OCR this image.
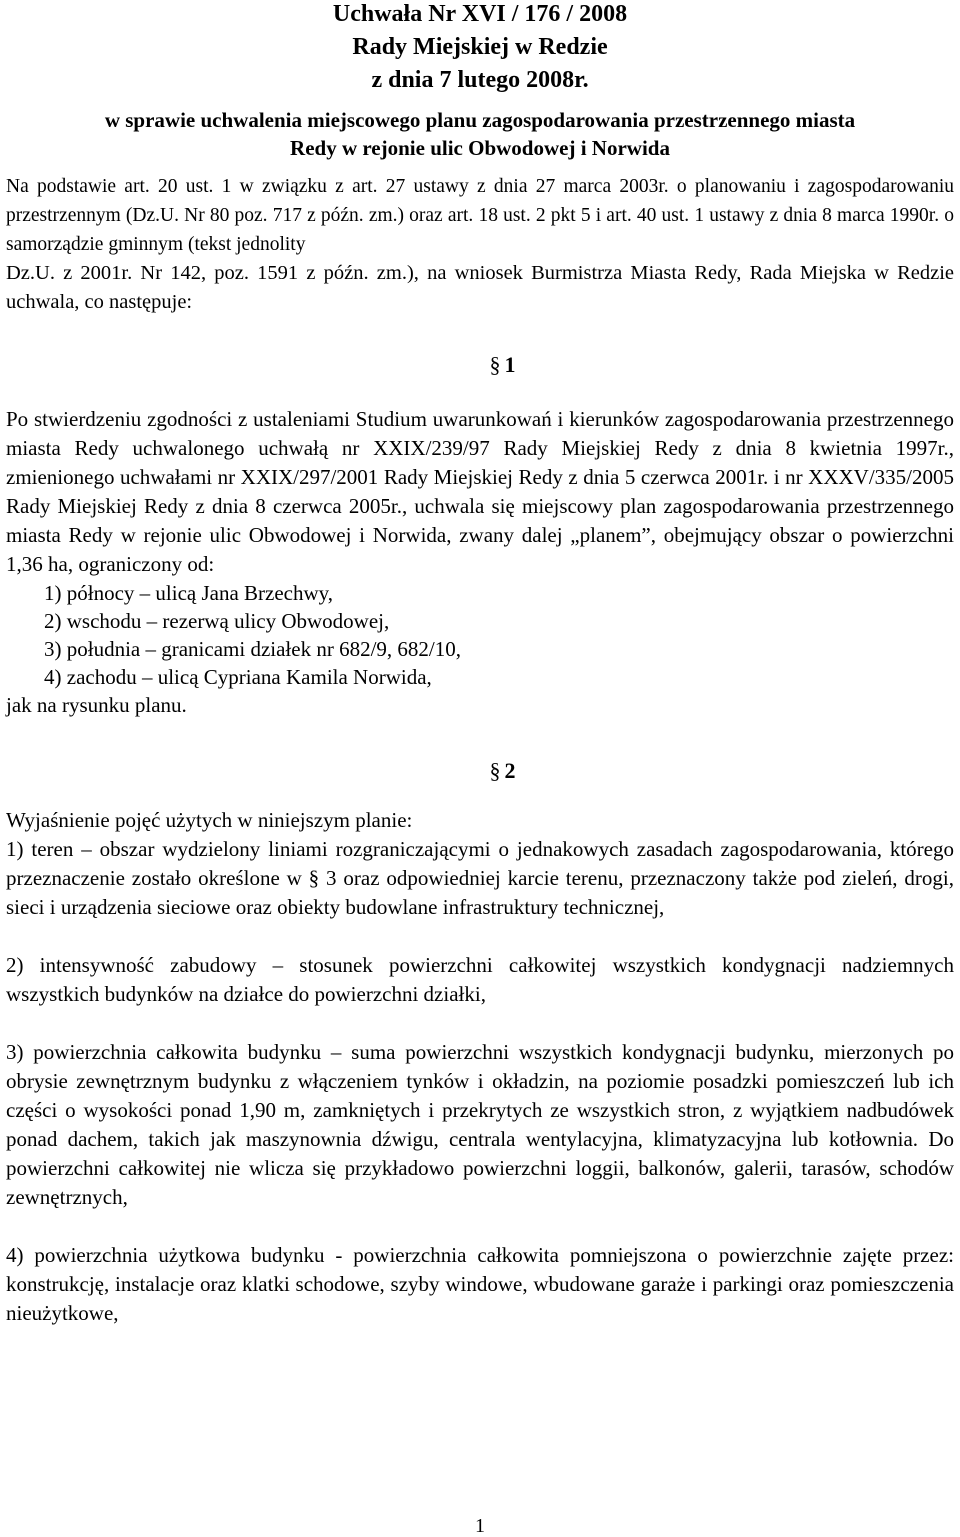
Uchwała Nr XVI / 176 / 2008
Rady Miejskiej w Redzie
z dnia 7 lutego 2008r.
w sprawie uchwalenia miejscowego planu zagospodarowania przestrzennego miasta
Redy w rejonie ulic Obwodowej i Norwida

Na podstawie art. 20 ust. 1 w związku z art. 27 ustawy z dnia 27 marca 2003r. o planowaniu i zagospodarowaniu przestrzennym (Dz.U. Nr 80 poz. 717 z późn. zm.) oraz art. 18 ust. 2 pkt 5 i art. 40 ust. 1 ustawy z dnia 8 marca 1990r. o samorządzie gminnym (tekst jednolity

Dz.U. z 2001r. Nr 142, poz. 1591 z późn. zm.), na wniosek Burmistrza Miasta Redy, Rada Miejska w Redzie uchwala, co następuje:

§ 1

Po stwierdzeniu zgodności z ustaleniami Studium uwarunkowań i kierunków zagospodarowania przestrzennego miasta Redy uchwalonego uchwałą nr XXIX/239/97 Rady Miejskiej Redy z dnia 8 kwietnia 1997r., zmienionego uchwałami nr XXIX/297/2001 Rady Miejskiej Redy z dnia 5 czerwca 2001r. i nr XXXV/335/2005 Rady Miejskiej Redy z dnia 8 czerwca 2005r., uchwala się miejscowy plan zagospodarowania przestrzennego miasta Redy w rejonie ulic Obwodowej i Norwida, zwany dalej „planem”, obejmujący obszar o powierzchni 1,36 ha, ograniczony od:

1) północy – ulicą Jana Brzechwy,
2) wschodu – rezerwą ulicy Obwodowej,
3) południa – granicami działek nr 682/9, 682/10,
4) zachodu – ulicą Cypriana Kamila Norwida,
jak na rysunku planu.
§ 2
Wyjaśnienie pojęć użytych w niniejszym planie:

1) teren – obszar wydzielony liniami rozgraniczającymi o jednakowych zasadach zagospodarowania, którego przeznaczenie zostało określone w § 3 oraz odpowiedniej karcie terenu, przeznaczony także pod zieleń, drogi, sieci i urządzenia sieciowe oraz obiekty budowlane infrastruktury technicznej,

2) intensywność zabudowy – stosunek powierzchni całkowitej wszystkich kondygnacji nadziemnych wszystkich budynków na działce do powierzchni działki,

3) powierzchnia całkowita budynku – suma powierzchni wszystkich kondygnacji budynku, mierzonych po obrysie zewnętrznym budynku z włączeniem tynków i okładzin, na poziomie posadzki pomieszczeń lub ich części o wysokości ponad 1,90 m, zamkniętych i przekrytych ze wszystkich stron, z wyjątkiem nadbudówek ponad dachem, takich jak maszynownia dźwigu, centrala wentylacyjna, klimatyzacyjna lub kotłownia. Do powierzchni całkowitej nie wlicza się przykładowo powierzchni loggii, balkonów, galerii, tarasów, schodów zewnętrznych,

4) powierzchnia użytkowa budynku - powierzchnia całkowita pomniejszona o powierzchnie zajęte przez: konstrukcję, instalacje oraz klatki schodowe, szyby windowe, wbudowane garaże i parkingi oraz pomieszczenia nieużytkowe,

1
